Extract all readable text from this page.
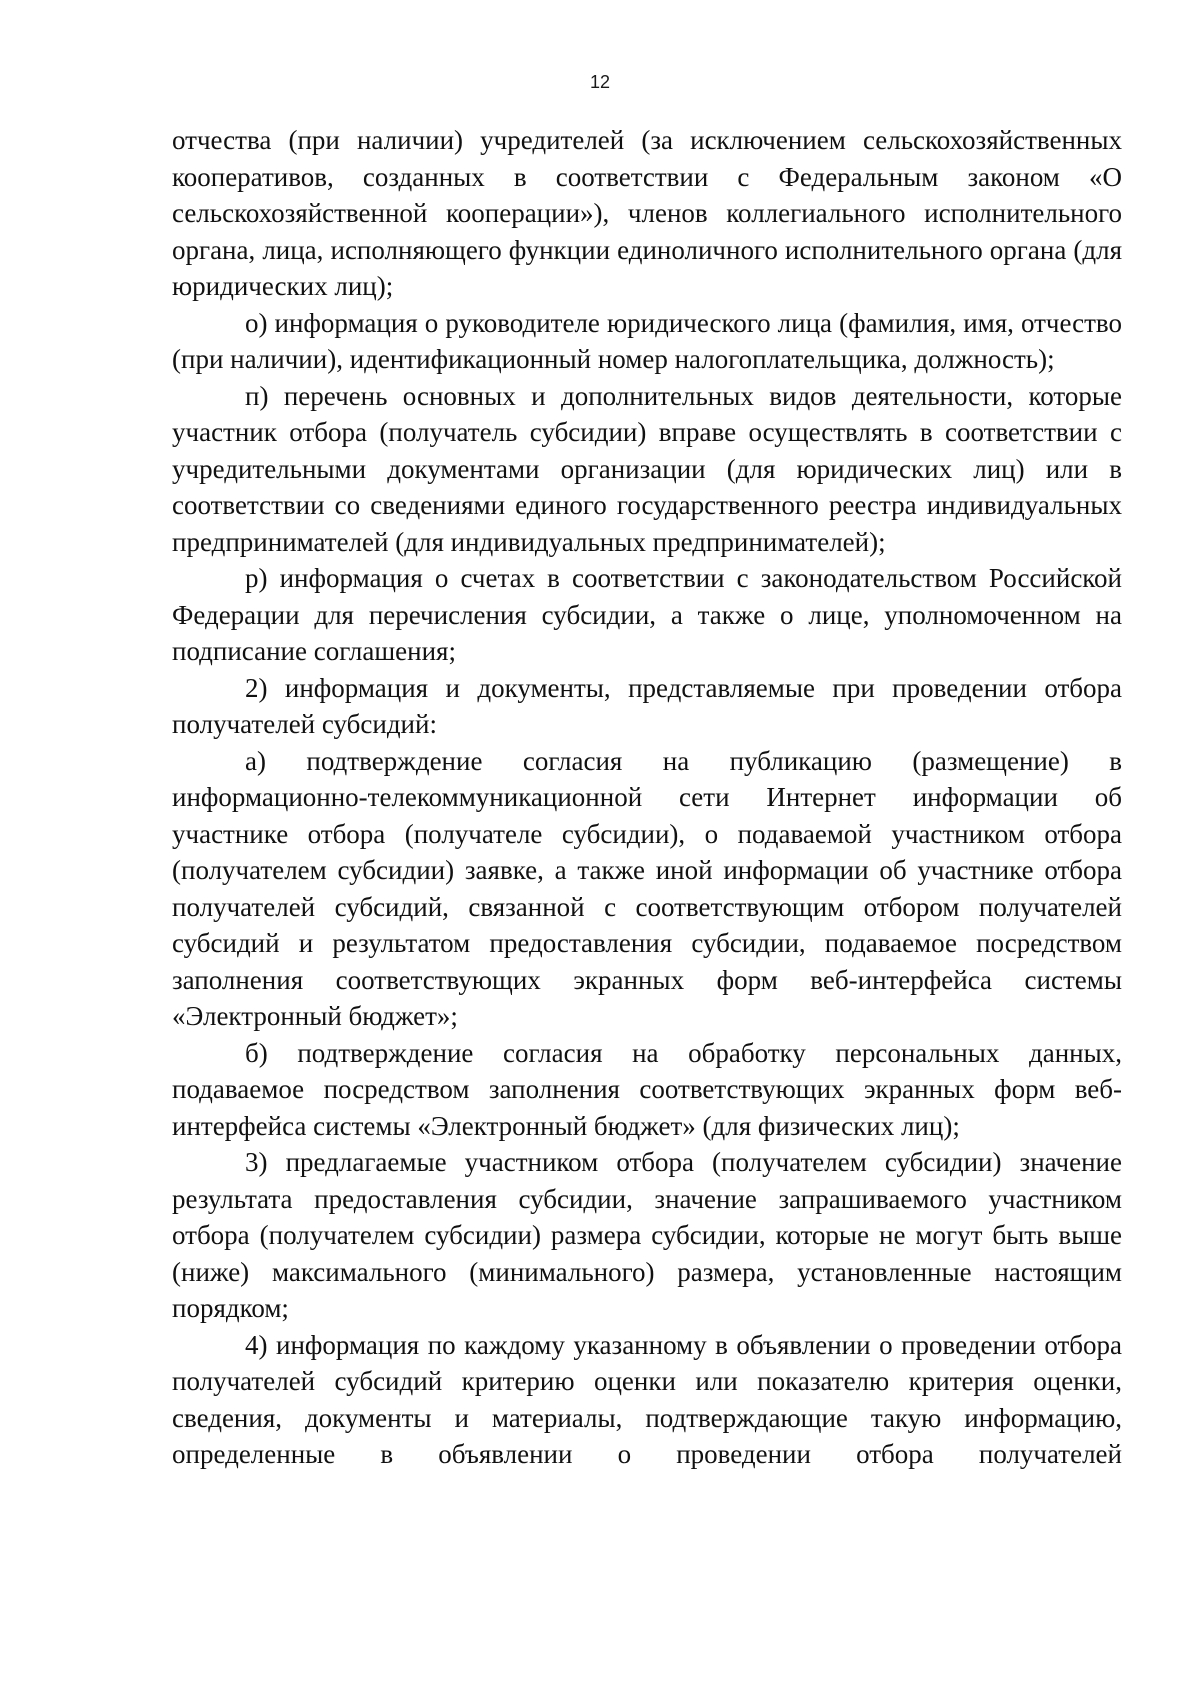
12

отчества (при наличии) учредителей (за исключением сельскохозяйственных кооперативов, созданных в соответствии с Федеральным законом «О сельскохозяйственной кооперации»), членов коллегиального исполнительного органа, лица, исполняющего функции единоличного исполнительного органа (для юридических лиц);

о) информация о руководителе юридического лица (фамилия, имя, отчество (при наличии), идентификационный номер налогоплательщика, должность);

п) перечень основных и дополнительных видов деятельности, которые участник отбора (получатель субсидии) вправе осуществлять в соответствии с учредительными документами организации (для юридических лиц) или в соответствии со сведениями единого государственного реестра индивидуальных предпринимателей (для индивидуальных предпринимателей);

р) информация о счетах в соответствии с законодательством Российской Федерации для перечисления субсидии, а также о лице, уполномоченном на подписание соглашения;

2) информация и документы, представляемые при проведении отбора получателей субсидий:

а) подтверждение согласия на публикацию (размещение) в информационно-телекоммуникационной сети Интернет информации об участнике отбора (получателе субсидии), о подаваемой участником отбора (получателем субсидии) заявке, а также иной информации об участнике отбора получателей субсидий, связанной с соответствующим отбором получателей субсидий и результатом предоставления субсидии, подаваемое посредством заполнения соответствующих экранных форм веб-интерфейса системы «Электронный бюджет»;

б) подтверждение согласия на обработку персональных данных, подаваемое посредством заполнения соответствующих экранных форм веб-интерфейса системы «Электронный бюджет» (для физических лиц);

3) предлагаемые участником отбора (получателем субсидии) значение результата предоставления субсидии, значение запрашиваемого участником отбора (получателем субсидии) размера субсидии, которые не могут быть выше (ниже) максимального (минимального) размера, установленные настоящим порядком;

4) информация по каждому указанному в объявлении о проведении отбора получателей субсидий критерию оценки или показателю критерия оценки, сведения, документы и материалы, подтверждающие такую информацию, определенные в объявлении о проведении отбора получателей
